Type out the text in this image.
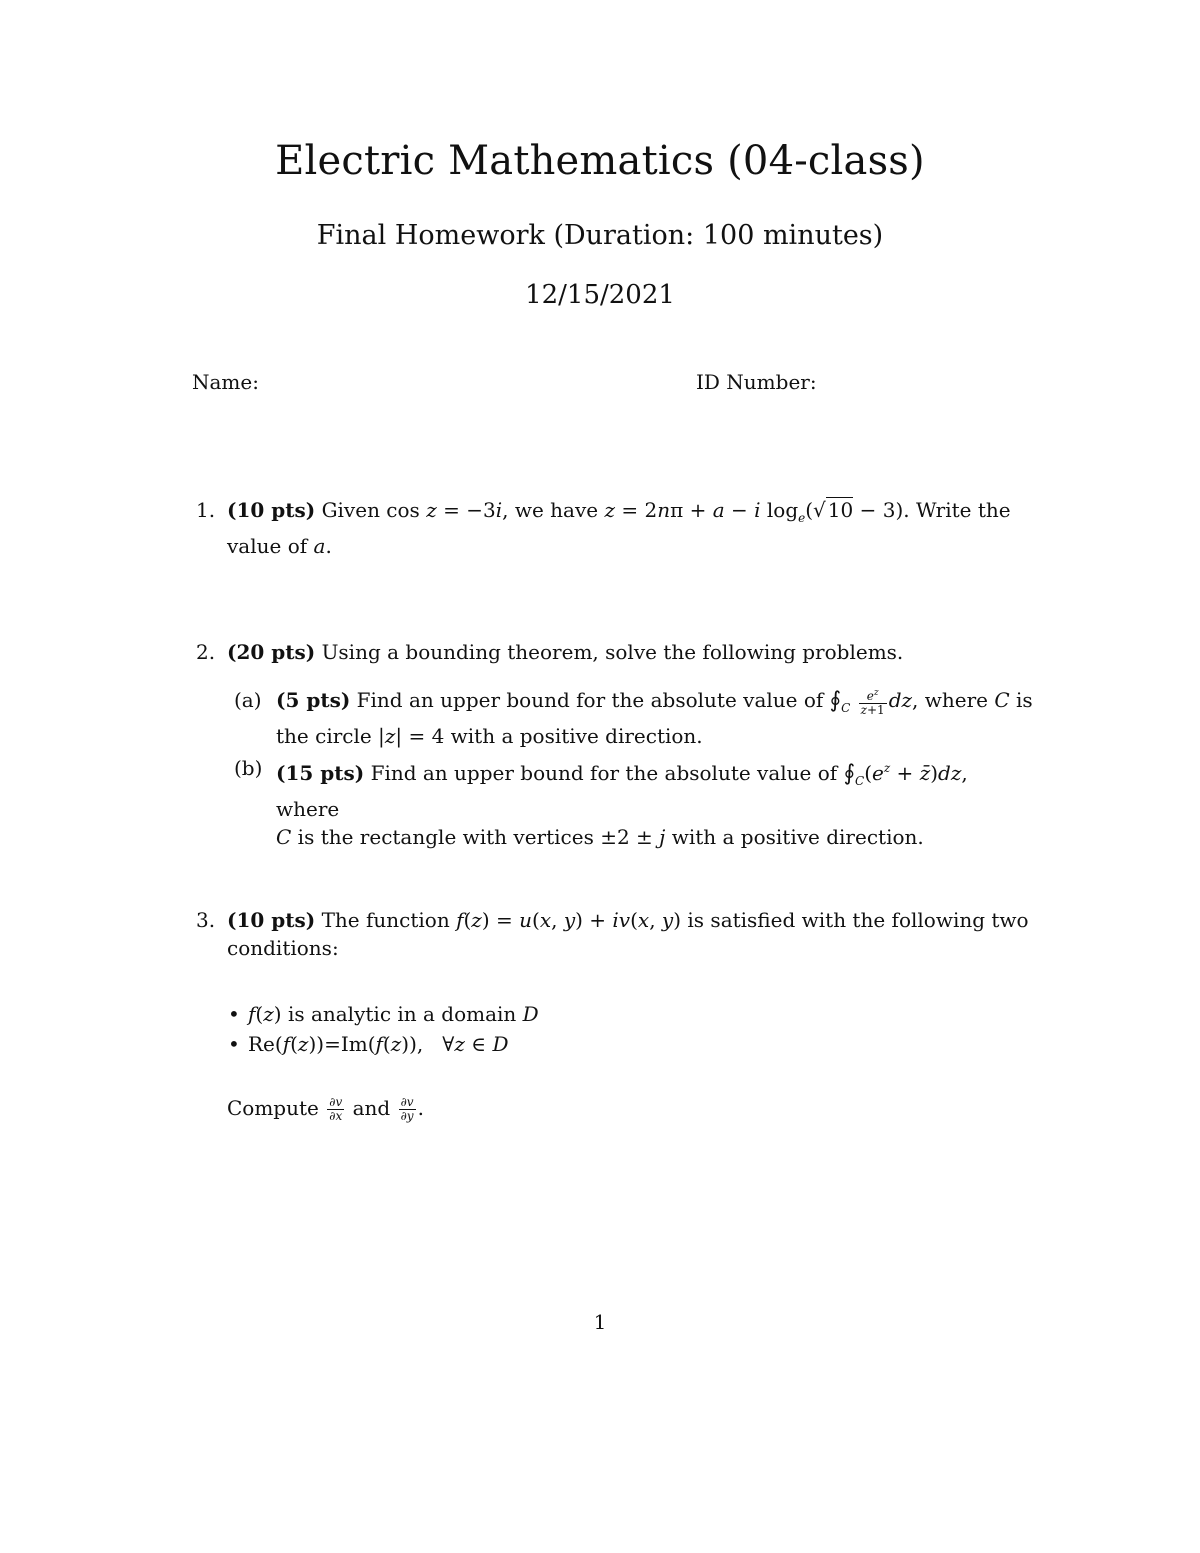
Electric Mathematics (04-class)
Final Homework (Duration: 100 minutes)
12/15/2021
Name:	ID Number:
1. (10 pts) Given cos z = −3i, we have z = 2nπ + a − i $\log_e(√$ 10 − 3). Write the
value of a.
2. (20 pts) Using a bounding theorem, solve the following problems.
(a) (5 pts) Find an upper bound for the absolute value of $∮_C \frac{e^z}{z+1}$ dz, where C is
the circle |z| = 4 with a positive direction.
(b) (15 pts) Find an upper bound for the absolute value of $∮_C(e^z$ + z̄)dz, where
C is the rectangle with vertices ±2 ± j with a positive direction.
3. (10 pts) The function f(z) = u(x, y) + iv(x, y) is satisfied with the following two
conditions:
• f(z) is analytic in a domain D
• Re(f(z))=Im(f(z)),   ∀z ∈ D
Compute $\frac{\partial v}{\partial x}$ and $\frac{\partial v}{\partial y}$ .
1
